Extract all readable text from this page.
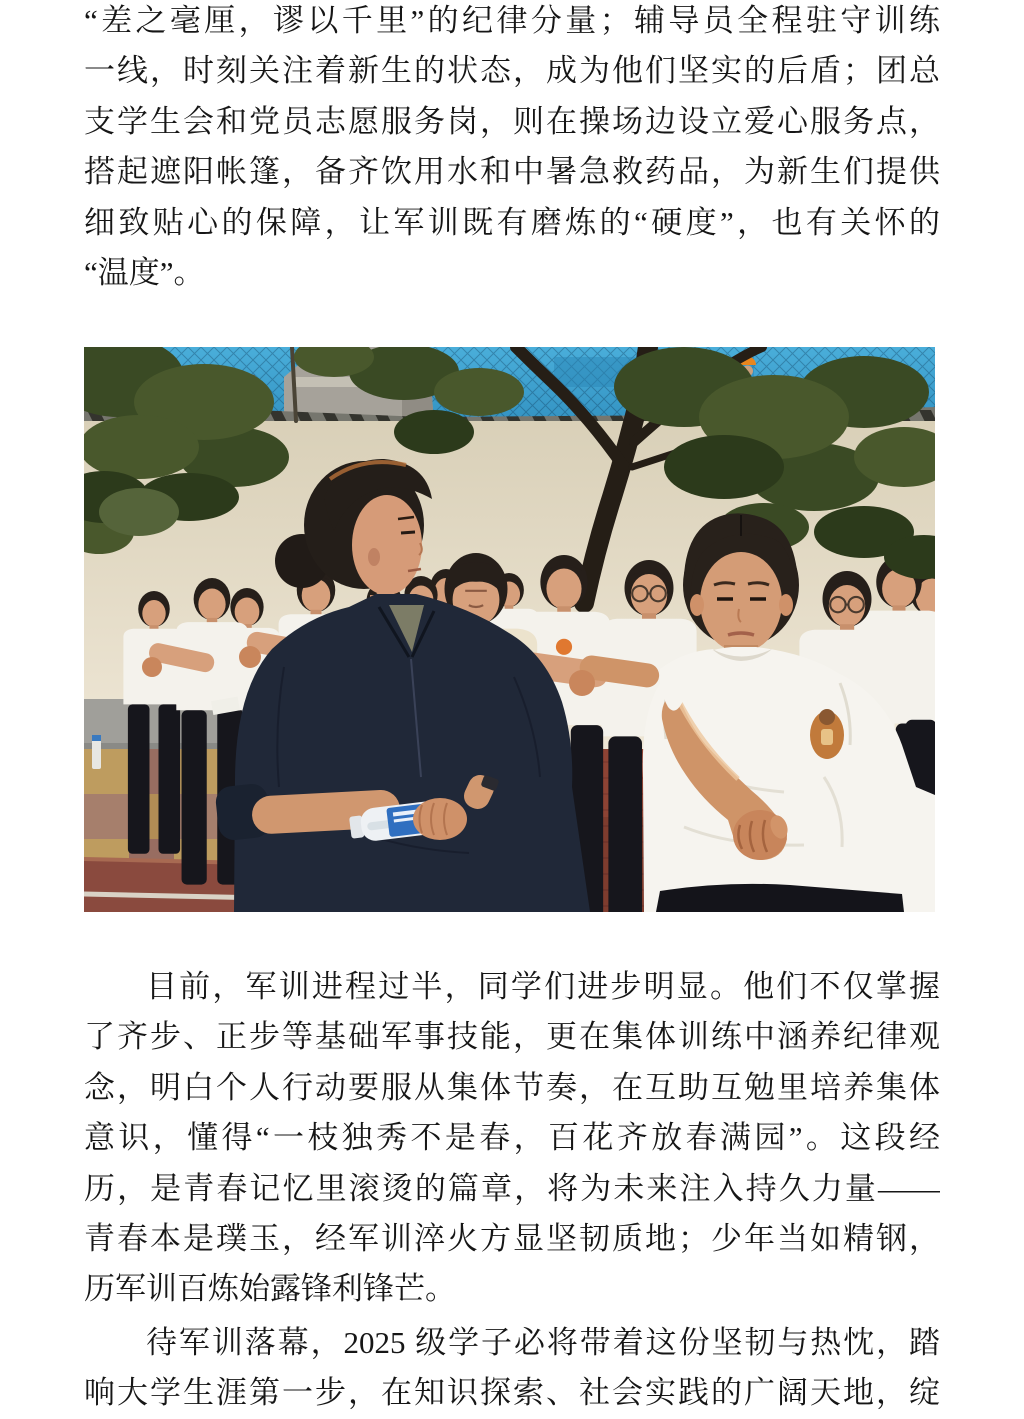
“差之毫厘，谬以千里”的纪律分量；辅导员全程驻守训练
一线，时刻关注着新生的状态，成为他们坚实的后盾；团总
支学生会和党员志愿服务岗，则在操场边设立爱心服务点，
搭起遮阳帐篷，备齐饮用水和中暑急救药品，为新生们提供
细致贴心的保障，让军训既有磨炼的“硬度”，也有关怀的
“温度”。
目前，军训进程过半，同学们进步明显。他们不仅掌握
了齐步、正步等基础军事技能，更在集体训练中涵养纪律观
念，明白个人行动要服从集体节奏，在互助互勉里培养集体
意识，懂得“一枝独秀不是春，百花齐放春满园”。这段经
历，是青春记忆里滚烫的篇章，将为未来注入持久力量——
青春本是璞玉，经军训淬火方显坚韧质地；少年当如精钢，
历军训百炼始露锋利锋芒。
待军训落幕，2025 级学子必将带着这份坚韧与热忱，踏
响大学生涯第一步，在知识探索、社会实践的广阔天地，绽
